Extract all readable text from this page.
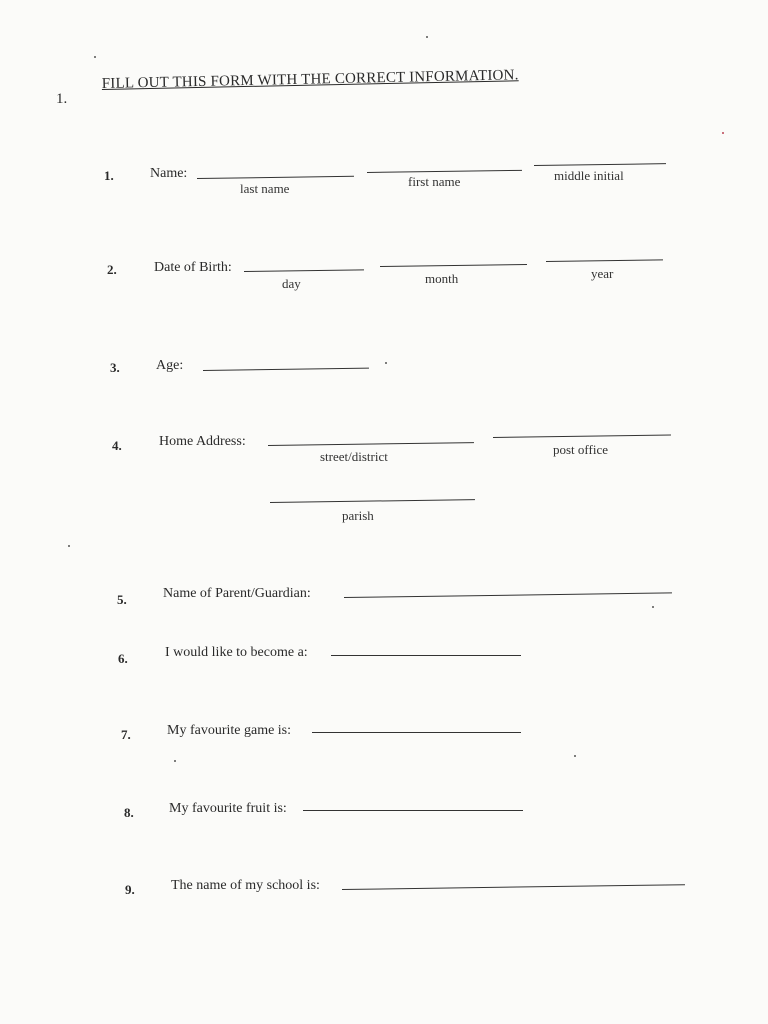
1.
FILL OUT THIS FORM WITH THE CORRECT INFORMATION.
1.	Name:
last name	first name	middle initial
2.	Date of Birth:
day	month	year
3.	Age:
4.	Home Address:
street/district	post office
parish
5.	Name of Parent/Guardian:
6.	I would like to become a:
7.	My favourite game is:
8.	My favourite fruit is:
9.	The name of my school is:
